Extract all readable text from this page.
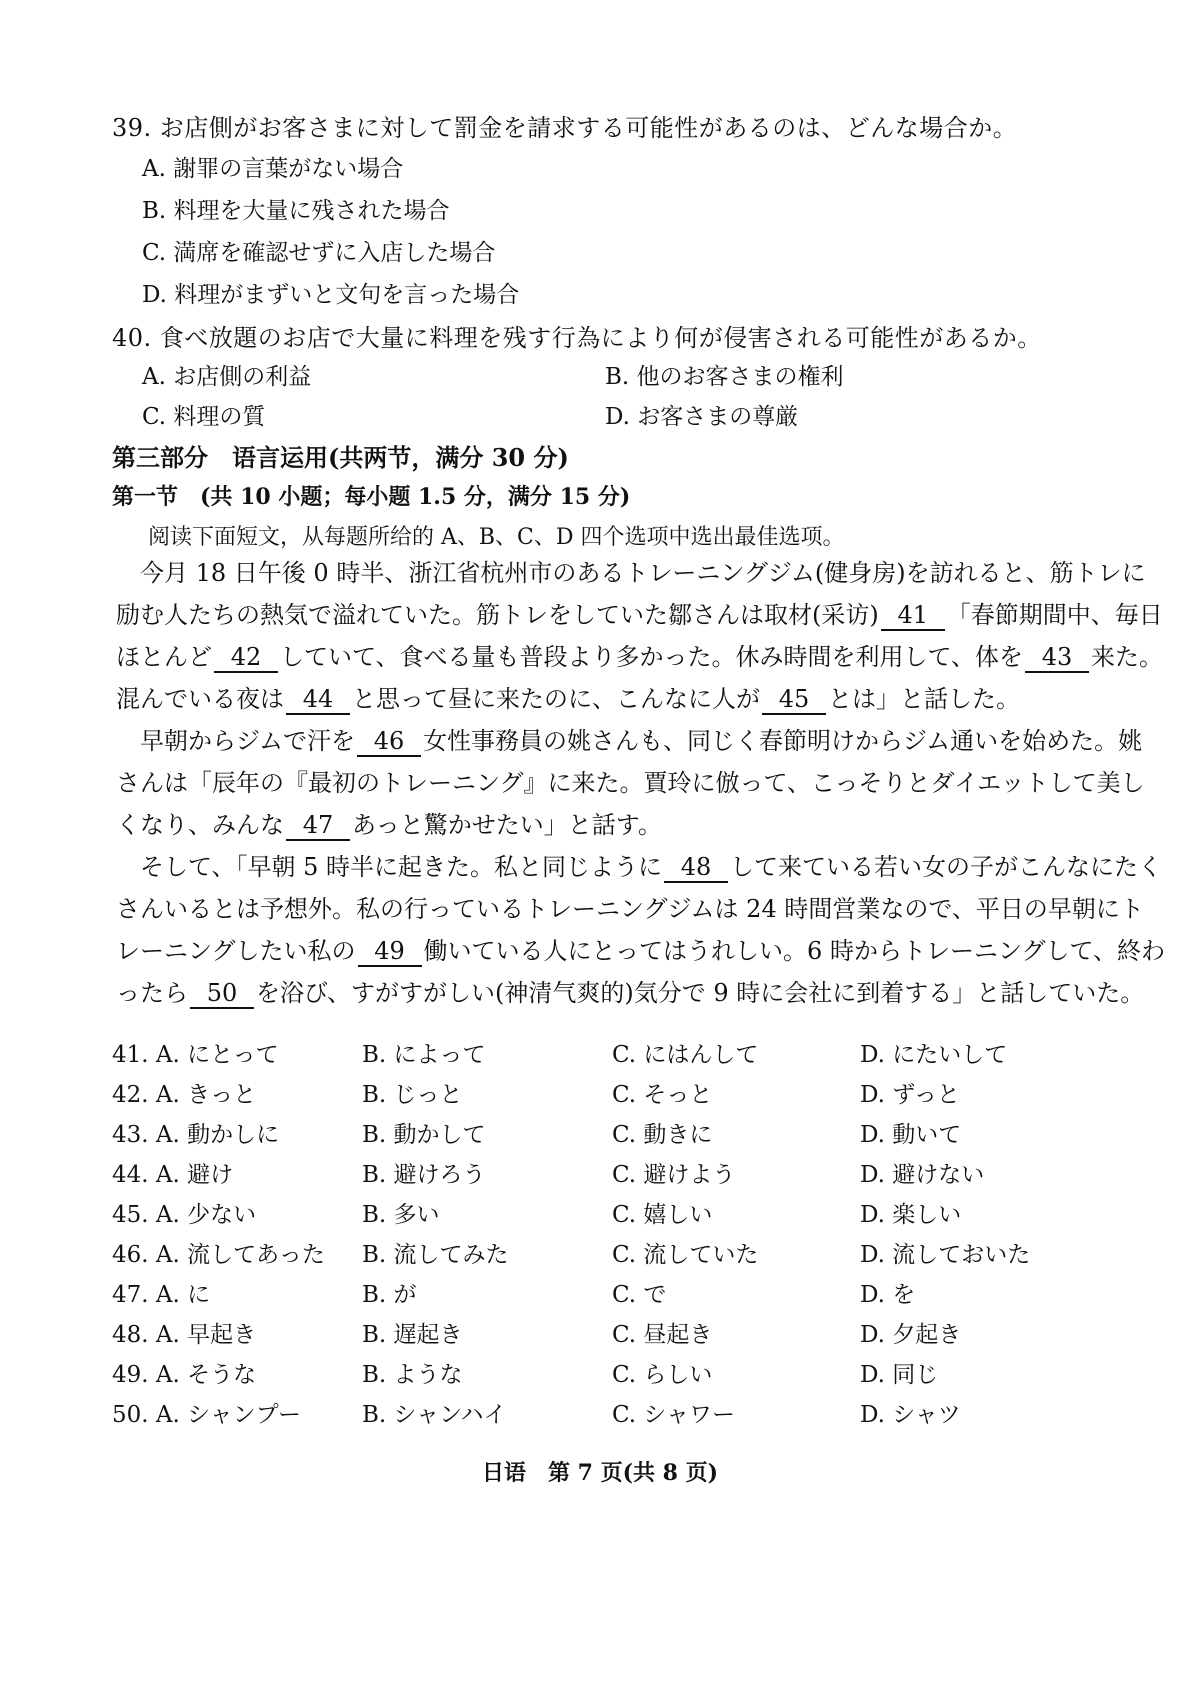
39. お店側がお客さまに対して罰金を請求する可能性があるのは、どんな場合か。
A. 謝罪の言葉がない場合
B. 料理を大量に残された場合
C. 満席を確認せずに入店した場合
D. 料理がまずいと文句を言った場合
40. 食べ放題のお店で大量に料理を残す行為により何が侵害される可能性があるか。
A. お店側の利益	B. 他のお客さまの権利
C. 料理の質	D. お客さまの尊厳
第三部分　语言运用(共两节，满分 30 分)
第一节　(共 10 小题；每小题 1.5 分，满分 15 分)
阅读下面短文，从每题所给的 A、B、C、D 四个选项中选出最佳选项。

今月 18 日午後 0 時半、浙江省杭州市のあるトレーニングジム(健身房)を訪れると、筋トレに励む人たちの熱気で溢れていた。筋トレをしていた鄒さんは取材(采访) 41 「春節期間中、毎日ほとんど 42 していて、食べる量も普段より多かった。休み時間を利用して、体を 43 来た。混んでいる夜は 44 と思って昼に来たのに、こんなに人が 45 とは」と話した。

早朝からジムで汗を 46 女性事務員の姚さんも、同じく春節明けからジム通いを始めた。姚さんは「辰年の『最初のトレーニング』に来た。賈玲に倣って、こっそりとダイエットして美しくなり、みんな 47 あっと驚かせたい」と話す。

そして、「早朝 5 時半に起きた。私と同じように 48 して来ている若い女の子がこんなにたくさんいるとは予想外。私の行っているトレーニングジムは 24 時間営業なので、平日の早朝にトレーニングしたい私の 49 働いている人にとってはうれしい。6 時からトレーニングして、終わったら 50 を浴び、すがすがしい(神清气爽的)気分で 9 時に会社に到着する」と話していた。

41. A. にとって	B. によって	C. にはんして	D. にたいして
42. A. きっと	B. じっと	C. そっと	D. ずっと
43. A. 動かしに	B. 動かして	C. 動きに	D. 動いて
44. A. 避け	B. 避けろう	C. 避けよう	D. 避けない
45. A. 少ない	B. 多い	C. 嬉しい	D. 楽しい
46. A. 流してあった B. 流してみた	C. 流していた	D. 流しておいた
47. A. に	B. が	C. で	D. を
48. A. 早起き	B. 遅起き	C. 昼起き	D. 夕起き
49. A. そうな	B. ような	C. らしい	D. 同じ
50. A. シャンプー	B. シャンハイ	C. シャワー	D. シャツ
日语　第 7 页(共 8 页)
